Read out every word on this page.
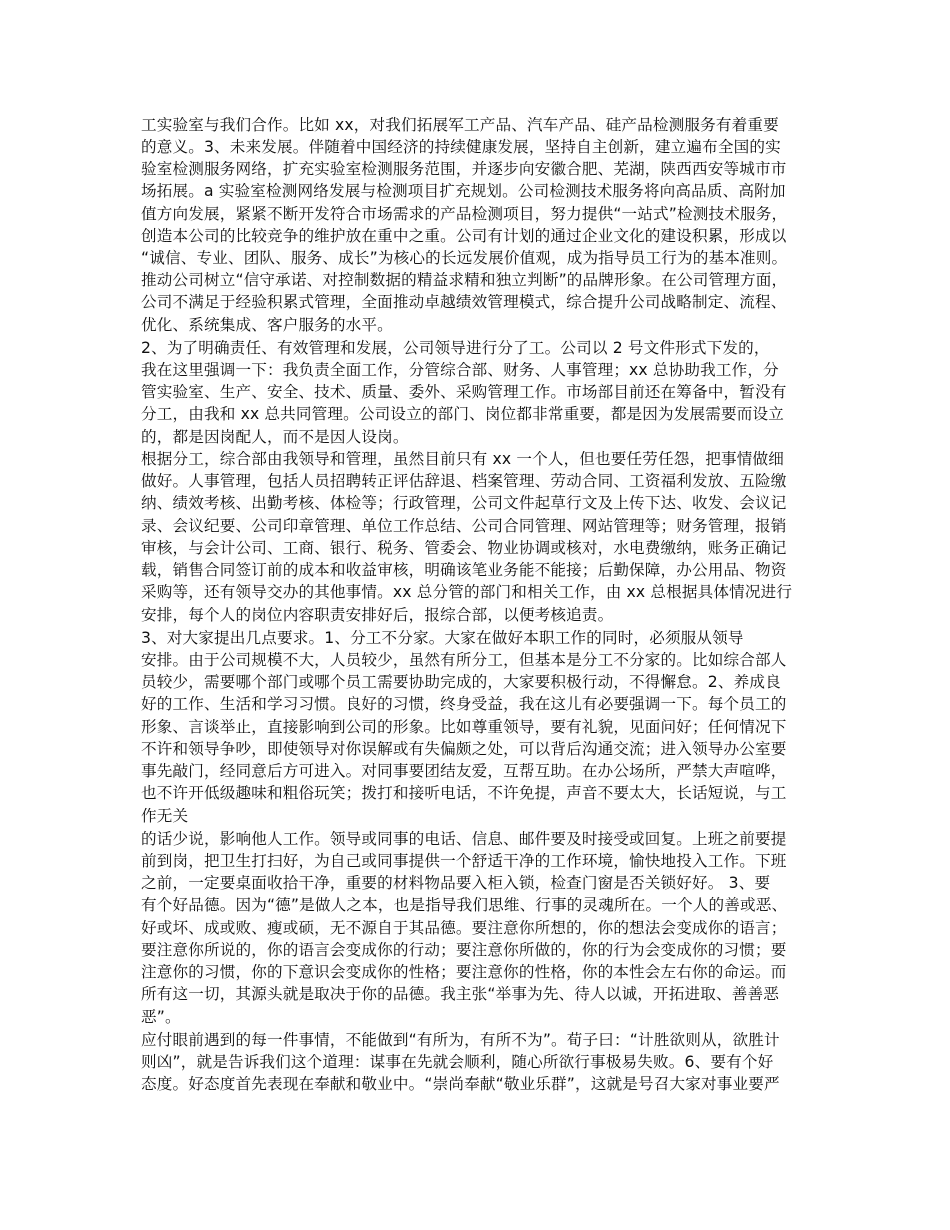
工实验室与我们合作。比如 xx，对我们拓展军工产品、汽车产品、硅产品检测服务有着重要
的意义。3、未来发展。伴随着中国经济的持续健康发展，坚持自主创新，建立遍布全国的实
验室检测服务网络，扩充实验室检测服务范围，并逐步向安徽合肥、芜湖，陕西西安等城市市
场拓展。a 实验室检测网络发展与检测项目扩充规划。公司检测技术服务将向高品质、高附加
值方向发展，紧紧不断开发符合市场需求的产品检测项目，努力提供“一站式”检测技术服务，
创造本公司的比较竞争的维护放在重中之重。公司有计划的通过企业文化的建设积累，形成以
“诚信、专业、团队、服务、成长”为核心的长远发展价值观，成为指导员工行为的基本准则。
推动公司树立“信守承诺、对控制数据的精益求精和独立判断”的品牌形象。在公司管理方面，
公司不满足于经验积累式管理，全面推动卓越绩效管理模式，综合提升公司战略制定、流程、
优化、系统集成、客户服务的水平。
2、为了明确责任、有效管理和发展，公司领导进行分了工。公司以 2 号文件形式下发的，
我在这里强调一下：我负责全面工作，分管综合部、财务、人事管理；xx 总协助我工作，分
管实验室、生产、安全、技术、质量、委外、采购管理工作。市场部目前还在筹备中，暂没有
分工，由我和 xx 总共同管理。公司设立的部门、岗位都非常重要，都是因为发展需要而设立
的，都是因岗配人，而不是因人设岗。
根据分工，综合部由我领导和管理，虽然目前只有 xx 一个人，但也要任劳任怨，把事情做细
做好。人事管理，包括人员招聘转正评估辞退、档案管理、劳动合同、工资福利发放、五险缴
纳、绩效考核、出勤考核、体检等；行政管理，公司文件起草行文及上传下达、收发、会议记
录、会议纪要、公司印章管理、单位工作总结、公司合同管理、网站管理等；财务管理，报销
审核，与会计公司、工商、银行、税务、管委会、物业协调或核对，水电费缴纳，账务正确记
载，销售合同签订前的成本和收益审核，明确该笔业务能不能接；后勤保障，办公用品、物资
采购等，还有领导交办的其他事情。xx 总分管的部门和相关工作，由 xx 总根据具体情况进行
安排，每个人的岗位内容职责安排好后，报综合部，以便考核追责。
3、对大家提出几点要求。1、分工不分家。大家在做好本职工作的同时，必须服从领导
安排。由于公司规模不大，人员较少，虽然有所分工，但基本是分工不分家的。比如综合部人
员较少，需要哪个部门或哪个员工需要协助完成的，大家要积极行动，不得懈怠。2、养成良
好的工作、生活和学习习惯。良好的习惯，终身受益，我在这儿有必要强调一下。每个员工的
形象、言谈举止，直接影响到公司的形象。比如尊重领导，要有礼貌，见面问好；任何情况下
不许和领导争吵，即使领导对你误解或有失偏颇之处，可以背后沟通交流；进入领导办公室要
事先敲门，经同意后方可进入。对同事要团结友爱，互帮互助。在办公场所，严禁大声喧哗，
也不许开低级趣味和粗俗玩笑；拨打和接听电话，不许免提，声音不要太大，长话短说，与工
作无关
的话少说，影响他人工作。领导或同事的电话、信息、邮件要及时接受或回复。上班之前要提
前到岗，把卫生打扫好，为自己或同事提供一个舒适干净的工作环境，愉快地投入工作。下班
之前，一定要桌面收拾干净，重要的材料物品要入柜入锁，检查门窗是否关锁好好。 3、要
有个好品德。因为“德”是做人之本，也是指导我们思维、行事的灵魂所在。一个人的善或恶、
好或坏、成或败、瘦或硕，无不源自于其品德。要注意你所想的，你的想法会变成你的语言；
要注意你所说的，你的语言会变成你的行动；要注意你所做的，你的行为会变成你的习惯；要
注意你的习惯，你的下意识会变成你的性格；要注意你的性格，你的本性会左右你的命运。而
所有这一切，其源头就是取决于你的品德。我主张“举事为先、待人以诚，开拓进取、善善恶
恶”。
应付眼前遇到的每一件事情，不能做到“有所为，有所不为”。荀子曰：“计胜欲则从，欲胜计
则凶”，就是告诉我们这个道理：谋事在先就会顺利，随心所欲行事极易失败。6、要有个好
态度。好态度首先表现在奉献和敬业中。“崇尚奉献“敬业乐群”，这就是号召大家对事业要严
